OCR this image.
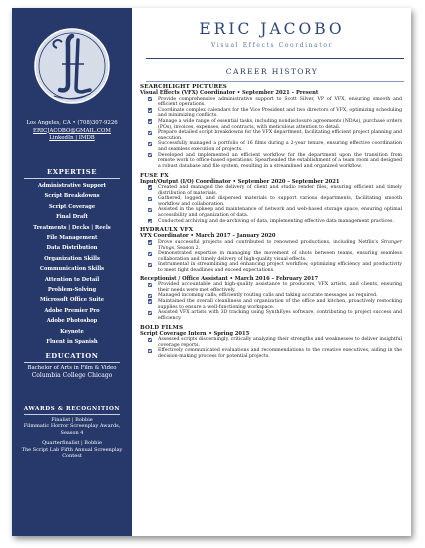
Los Angeles, CA • (708)307-9226
ERICJACOBO@GMAIL.COM
LinkedIn | IMDB
EXPERTISE
Administrative Support
Script Breakdowns
Script Coverage
Final Draft
Treatments | Decks | Reels
File Management
Data Distribution
Organization Skills
Communication Skills
Attention to Detail
Problem-Solving
Microsoft Office Suite
Adobe Premier Pro
Adobe Photoshop
Keynote
Fluent in Spanish
EDUCATION
Bachelor of Arts in Film & Video
Columbia College Chicago
AWARDS & RECOGNITION
Finalist | Bobbie
Filmmatic Horror Screenplay Awards,
Season 4
Quarterfinalist | Bobbie
The Script Lab Fifth Annual Screenplay
Contest
ERIC JACOBO
Visual Effects Coordinator
CAREER HISTORY
SEARCHLIGHT PICTURES
Visual Effects (VFX) Coordinator • September 2021 – Present
Provide comprehensive administrative support to Scott Silver, VP of VFX, ensuring smooth and efficient operations.
Coordinate complex calendars for the Vice President and two directors of VFX, optimizing scheduling and minimizing conflicts.
Manage a wide range of essential tasks, including nondisclosure agreements (NDAs), purchase orders (POs), invoices, expenses, and contracts, with meticulous attention to detail.
Prepare detailed script breakdowns for the VFX department, facilitating efficient project planning and execution.
Successfully managed a portfolio of 16 films during a 2-year tenure, ensuring effective coordination and seamless execution of projects.
Developed and implemented an efficient workflow for the department upon the transition from remote work to office-based operations. Spearheaded the establishment of a team room and designed a robust database and file system, resulting in a streamlined and organized workflow.
FUSE FX
Input/Output (I/O) Coordinator • September 2020 – September 2021
Created and managed the delivery of client and studio render files, ensuring efficient and timely distribution of materials.
Gathered, logged, and dispersed materials to support various departments, facilitating smooth workflow and collaboration.
Assisted in the upkeep and maintenance of network and web-based storage space, ensuring optimal accessibility and organization of data.
Conducted archiving and de-archiving of data, implementing effective data management practices.
HYDRAULX VFX
VFX Coordinator • March 2017 – January 2020
Drove successful projects and contributed to renowned productions, including Netflix's Stranger Things, Season 2.
Demonstrated expertise in managing the movement of shots between teams, ensuring seamless collaboration and timely delivery of high-quality visual effects.
Instrumental in streamlining and enhancing project workflow, optimizing efficiency and productivity to meet tight deadlines and exceed expectations.
Receptionist / Office Assistant • March 2016 – February 2017
Provided accountable and high-quality assistance to producers, VFX artists, and clients, ensuring their needs were met effectively.
Managed incoming calls, efficiently routing calls and taking accurate messages as required.
Maintained the overall cleanliness and organization of the office and kitchen, proactively restocking supplies to ensure a well-functioning workspace.
Assisted VFX artists with 3D tracking using SynthEyes software, contributing to project success and efficiency.
BOLD FILMS
Script Coverage Intern • Spring 2015
Assessed scripts discerningly, critically analyzing their strengths and weaknesses to deliver insightful coverage reports.
Effectively communicated evaluations and recommendations to the creative executives, aiding in the decision-making process for potential projects.
